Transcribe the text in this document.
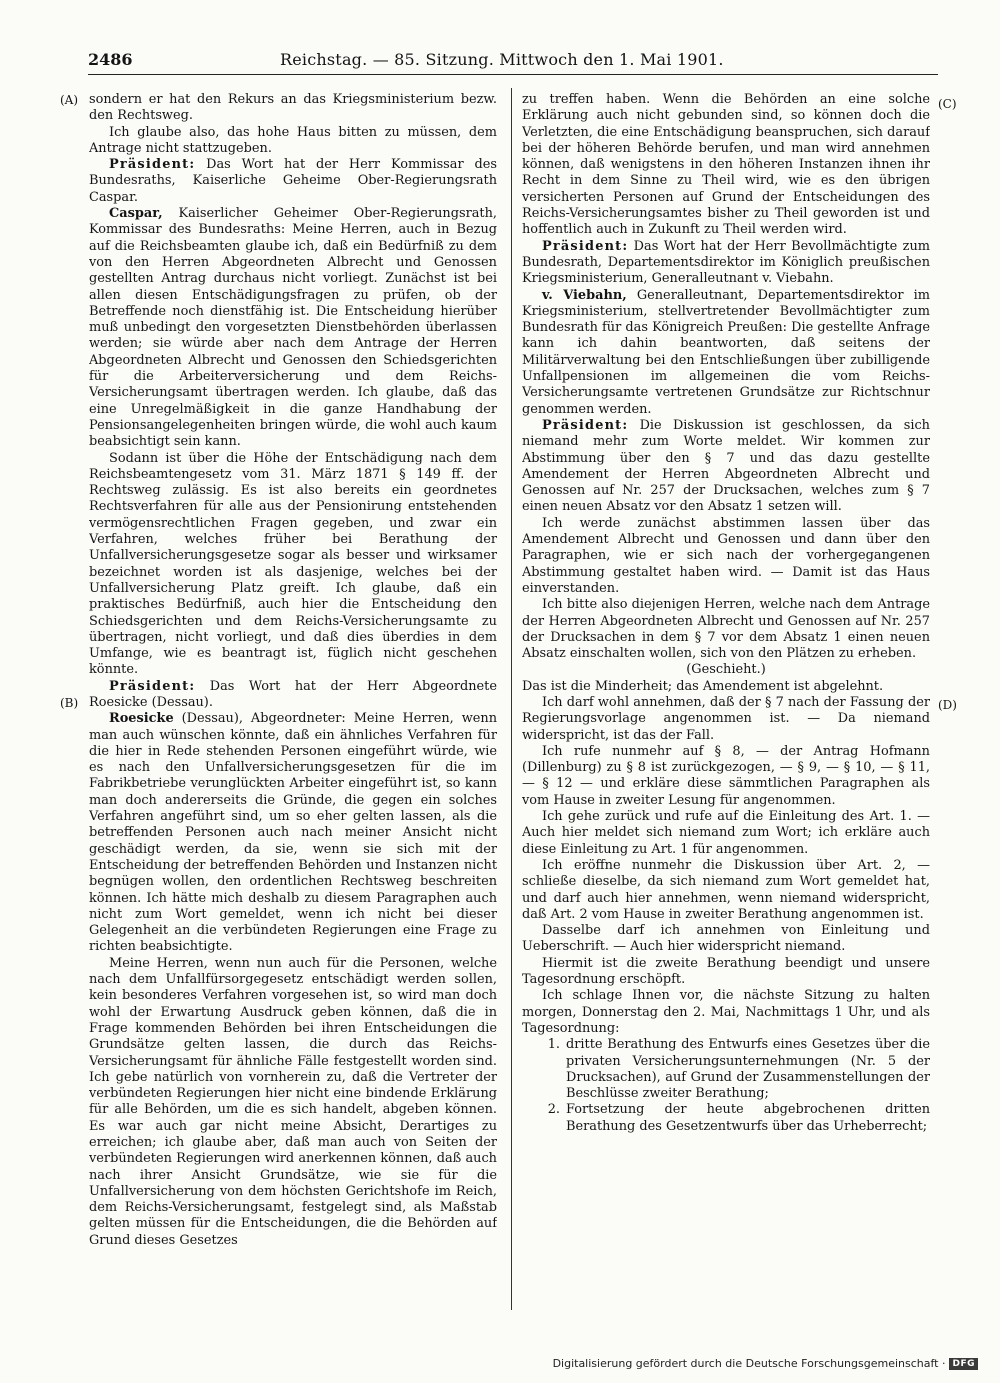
2486	Reichstag. — 85. Sitzung. Mittwoch den 1. Mai 1901.
(A)
(B)
(C)
(D)

sondern er hat den Rekurs an das Kriegsministerium bezw. den Rechtsweg.

Ich glaube also, das hohe Haus bitten zu müssen, dem Antrage nicht stattzugeben.

Präsident: Das Wort hat der Herr Kommissar des Bundesraths, Kaiserliche Geheime Ober-Regierungsrath Caspar.

Caspar, Kaiserlicher Geheimer Ober-Regierungsrath, Kommissar des Bundesraths: Meine Herren, auch in Bezug auf die Reichsbeamten glaube ich, daß ein Bedürfniß zu dem von den Herren Abgeordneten Albrecht und Genossen gestellten Antrag durchaus nicht vorliegt. Zunächst ist bei allen diesen Entschädigungsfragen zu prüfen, ob der Betreffende noch dienstfähig ist. Die Entscheidung hierüber muß unbedingt den vorgesetzten Dienstbehörden überlassen werden; sie würde aber nach dem Antrage der Herren Abgeordneten Albrecht und Genossen den Schiedsgerichten für die Arbeiterversicherung und dem Reichs-Versicherungsamt übertragen werden. Ich glaube, daß das eine Unregelmäßigkeit in die ganze Handhabung der Pensionsangelegenheiten bringen würde, die wohl auch kaum beabsichtigt sein kann.

Sodann ist über die Höhe der Entschädigung nach dem Reichsbeamtengesetz vom 31. März 1871 § 149 ff. der Rechtsweg zulässig. Es ist also bereits ein geordnetes Rechtsverfahren für alle aus der Pensionirung entstehenden vermögensrechtlichen Fragen gegeben, und zwar ein Verfahren, welches früher bei Berathung der Unfallversicherungsgesetze sogar als besser und wirksamer bezeichnet worden ist als dasjenige, welches bei der Unfallversicherung Platz greift. Ich glaube, daß ein praktisches Bedürfniß, auch hier die Entscheidung den Schiedsgerichten und dem Reichs-Versicherungsamte zu übertragen, nicht vorliegt, und daß dies überdies in dem Umfange, wie es beantragt ist, füglich nicht geschehen könnte.

Präsident: Das Wort hat der Herr Abgeordnete Roesicke (Dessau).

Roesicke (Dessau), Abgeordneter: Meine Herren, wenn man auch wünschen könnte, daß ein ähnliches Verfahren für die hier in Rede stehenden Personen eingeführt würde, wie es nach den Unfallversicherungsgesetzen für die im Fabrikbetriebe verunglückten Arbeiter eingeführt ist, so kann man doch andererseits die Gründe, die gegen ein solches Verfahren angeführt sind, um so eher gelten lassen, als die betreffenden Personen auch nach meiner Ansicht nicht geschädigt werden, da sie, wenn sie sich mit der Entscheidung der betreffenden Behörden und Instanzen nicht begnügen wollen, den ordentlichen Rechtsweg beschreiten können. Ich hätte mich deshalb zu diesem Paragraphen auch nicht zum Wort gemeldet, wenn ich nicht bei dieser Gelegenheit an die verbündeten Regierungen eine Frage zu richten beabsichtigte.

Meine Herren, wenn nun auch für die Personen, welche nach dem Unfallfürsorgegesetz entschädigt werden sollen, kein besonderes Verfahren vorgesehen ist, so wird man doch wohl der Erwartung Ausdruck geben können, daß die in Frage kommenden Behörden bei ihren Entscheidungen die Grundsätze gelten lassen, die durch das Reichs-Versicherungsamt für ähnliche Fälle festgestellt worden sind. Ich gebe natürlich von vornherein zu, daß die Vertreter der verbündeten Regierungen hier nicht eine bindende Erklärung für alle Behörden, um die es sich handelt, abgeben können. Es war auch gar nicht meine Absicht, Derartiges zu erreichen; ich glaube aber, daß man auch von Seiten der verbündeten Regierungen wird anerkennen können, daß auch nach ihrer Ansicht Grundsätze, wie sie für die Unfallversicherung von dem höchsten Gerichtshofe im Reich, dem Reichs-Versicherungsamt, festgelegt sind, als Maßstab gelten müssen für die Entscheidungen, die die Behörden auf Grund dieses Gesetzes

zu treffen haben. Wenn die Behörden an eine solche Erklärung auch nicht gebunden sind, so können doch die Verletzten, die eine Entschädigung beanspruchen, sich darauf bei der höheren Behörde berufen, und man wird annehmen können, daß wenigstens in den höheren Instanzen ihnen ihr Recht in dem Sinne zu Theil wird, wie es den übrigen versicherten Personen auf Grund der Entscheidungen des Reichs-Versicherungsamtes bisher zu Theil geworden ist und hoffentlich auch in Zukunft zu Theil werden wird.

Präsident: Das Wort hat der Herr Bevollmächtigte zum Bundesrath, Departementsdirektor im Königlich preußischen Kriegsministerium, Generalleutnant v. Viebahn.

v. Viebahn, Generalleutnant, Departementsdirektor im Kriegsministerium, stellvertretender Bevollmächtigter zum Bundesrath für das Königreich Preußen: Die gestellte Anfrage kann ich dahin beantworten, daß seitens der Militärverwaltung bei den Entschließungen über zubilligende Unfallpensionen im allgemeinen die vom Reichs-Versicherungsamte vertretenen Grundsätze zur Richtschnur genommen werden.

Präsident: Die Diskussion ist geschlossen, da sich niemand mehr zum Worte meldet. Wir kommen zur Abstimmung über den § 7 und das dazu gestellte Amendement der Herren Abgeordneten Albrecht und Genossen auf Nr. 257 der Drucksachen, welches zum § 7 einen neuen Absatz vor den Absatz 1 setzen will.

Ich werde zunächst abstimmen lassen über das Amendement Albrecht und Genossen und dann über den Paragraphen, wie er sich nach der vorhergegangenen Abstimmung gestaltet haben wird. — Damit ist das Haus einverstanden.

Ich bitte also diejenigen Herren, welche nach dem Antrage der Herren Abgeordneten Albrecht und Genossen auf Nr. 257 der Drucksachen in dem § 7 vor dem Absatz 1 einen neuen Absatz einschalten wollen, sich von den Plätzen zu erheben.

(Geschieht.)

Das ist die Minderheit; das Amendement ist abgelehnt.

Ich darf wohl annehmen, daß der § 7 nach der Fassung der Regierungsvorlage angenommen ist. — Da niemand widerspricht, ist das der Fall.

Ich rufe nunmehr auf § 8, — der Antrag Hofmann (Dillenburg) zu § 8 ist zurückgezogen, — § 9, — § 10, — § 11, — § 12 — und erkläre diese sämmtlichen Paragraphen als vom Hause in zweiter Lesung für angenommen.

Ich gehe zurück und rufe auf die Einleitung des Art. 1. — Auch hier meldet sich niemand zum Wort; ich erkläre auch diese Einleitung zu Art. 1 für angenommen.

Ich eröffne nunmehr die Diskussion über Art. 2, — schließe dieselbe, da sich niemand zum Wort gemeldet hat, und darf auch hier annehmen, wenn niemand widerspricht, daß Art. 2 vom Hause in zweiter Berathung angenommen ist.

Dasselbe darf ich annehmen von Einleitung und Ueberschrift. — Auch hier widerspricht niemand.

Hiermit ist die zweite Berathung beendigt und unsere Tagesordnung erschöpft.

Ich schlage Ihnen vor, die nächste Sitzung zu halten morgen, Donnerstag den 2. Mai, Nachmittags 1 Uhr, und als Tagesordnung:

1. dritte Berathung des Entwurfs eines Gesetzes über die privaten Versicherungsunternehmungen (Nr. 5 der Drucksachen), auf Grund der Zusammenstellungen der Beschlüsse zweiter Berathung;
2. Fortsetzung der heute abgebrochenen dritten Berathung des Gesetzentwurfs über das Urheberrecht;
Digitalisierung gefördert durch die Deutsche Forschungsgemeinschaft · DFG
